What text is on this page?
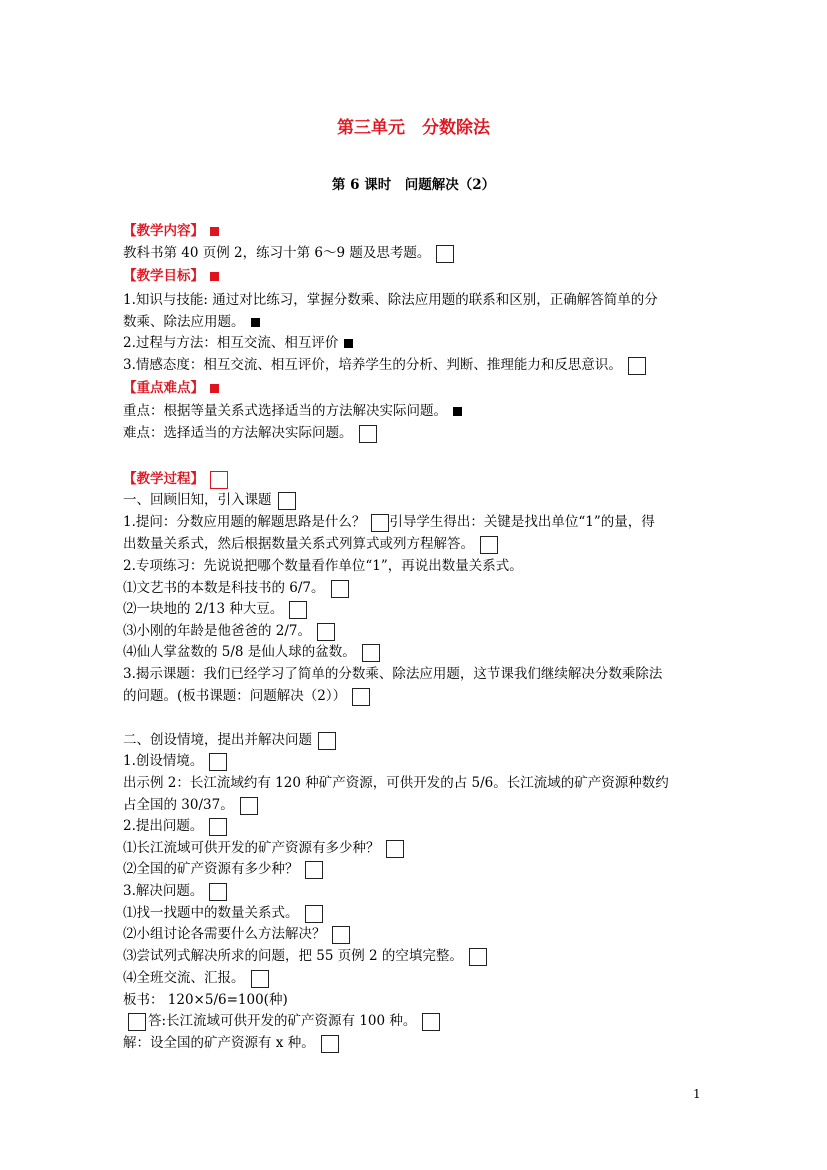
第三单元　分数除法
第 6 课时　问题解决（2）
【教学内容】
教科书第 40 页例 2，练习十第 6～9 题及思考题。
【教学目标】
1.知识与技能: 通过对比练习，掌握分数乘、除法应用题的联系和区别，正确解答简单的分
数乘、除法应用题。
2.过程与方法：相互交流、相互评价
3.情感态度：相互交流、相互评价，培养学生的分析、判断、推理能力和反思意识。
【重点难点】
重点：根据等量关系式选择适当的方法解决实际问题。
难点：选择适当的方法解决实际问题。
【教学过程】
一、回顾旧知，引入课题
1.提问：分数应用题的解题思路是什么？ 引导学生得出：关键是找出单位“1”的量，得
出数量关系式，然后根据数量关系式列算式或列方程解答。
2.专项练习：先说说把哪个数量看作单位“1”，再说出数量关系式。
⑴文艺书的本数是科技书的 6/7。
⑵一块地的 2/13 种大豆。
⑶小刚的年龄是他爸爸的 2/7。
⑷仙人掌盆数的 5/8 是仙人球的盆数。
3.揭示课题：我们已经学习了简单的分数乘、除法应用题，这节课我们继续解决分数乘除法
的问题。(板书课题：问题解决（2））
二、创设情境，提出并解决问题
1.创设情境。
出示例 2：长江流域约有 120 种矿产资源，可供开发的占 5/6。长江流域的矿产资源种数约
占全国的 30/37。
2.提出问题。
⑴长江流域可供开发的矿产资源有多少种？
⑵全国的矿产资源有多少种？
3.解决问题。
⑴找一找题中的数量关系式。
⑵小组讨论各需要什么方法解决？
⑶尝试列式解决所求的问题，把 55 页例 2 的空填完整。
⑷全班交流、汇报。
板书： 120×5/6=100(种)
答:长江流域可供开发的矿产资源有 100 种。
解：设全国的矿产资源有 x 种。
1
